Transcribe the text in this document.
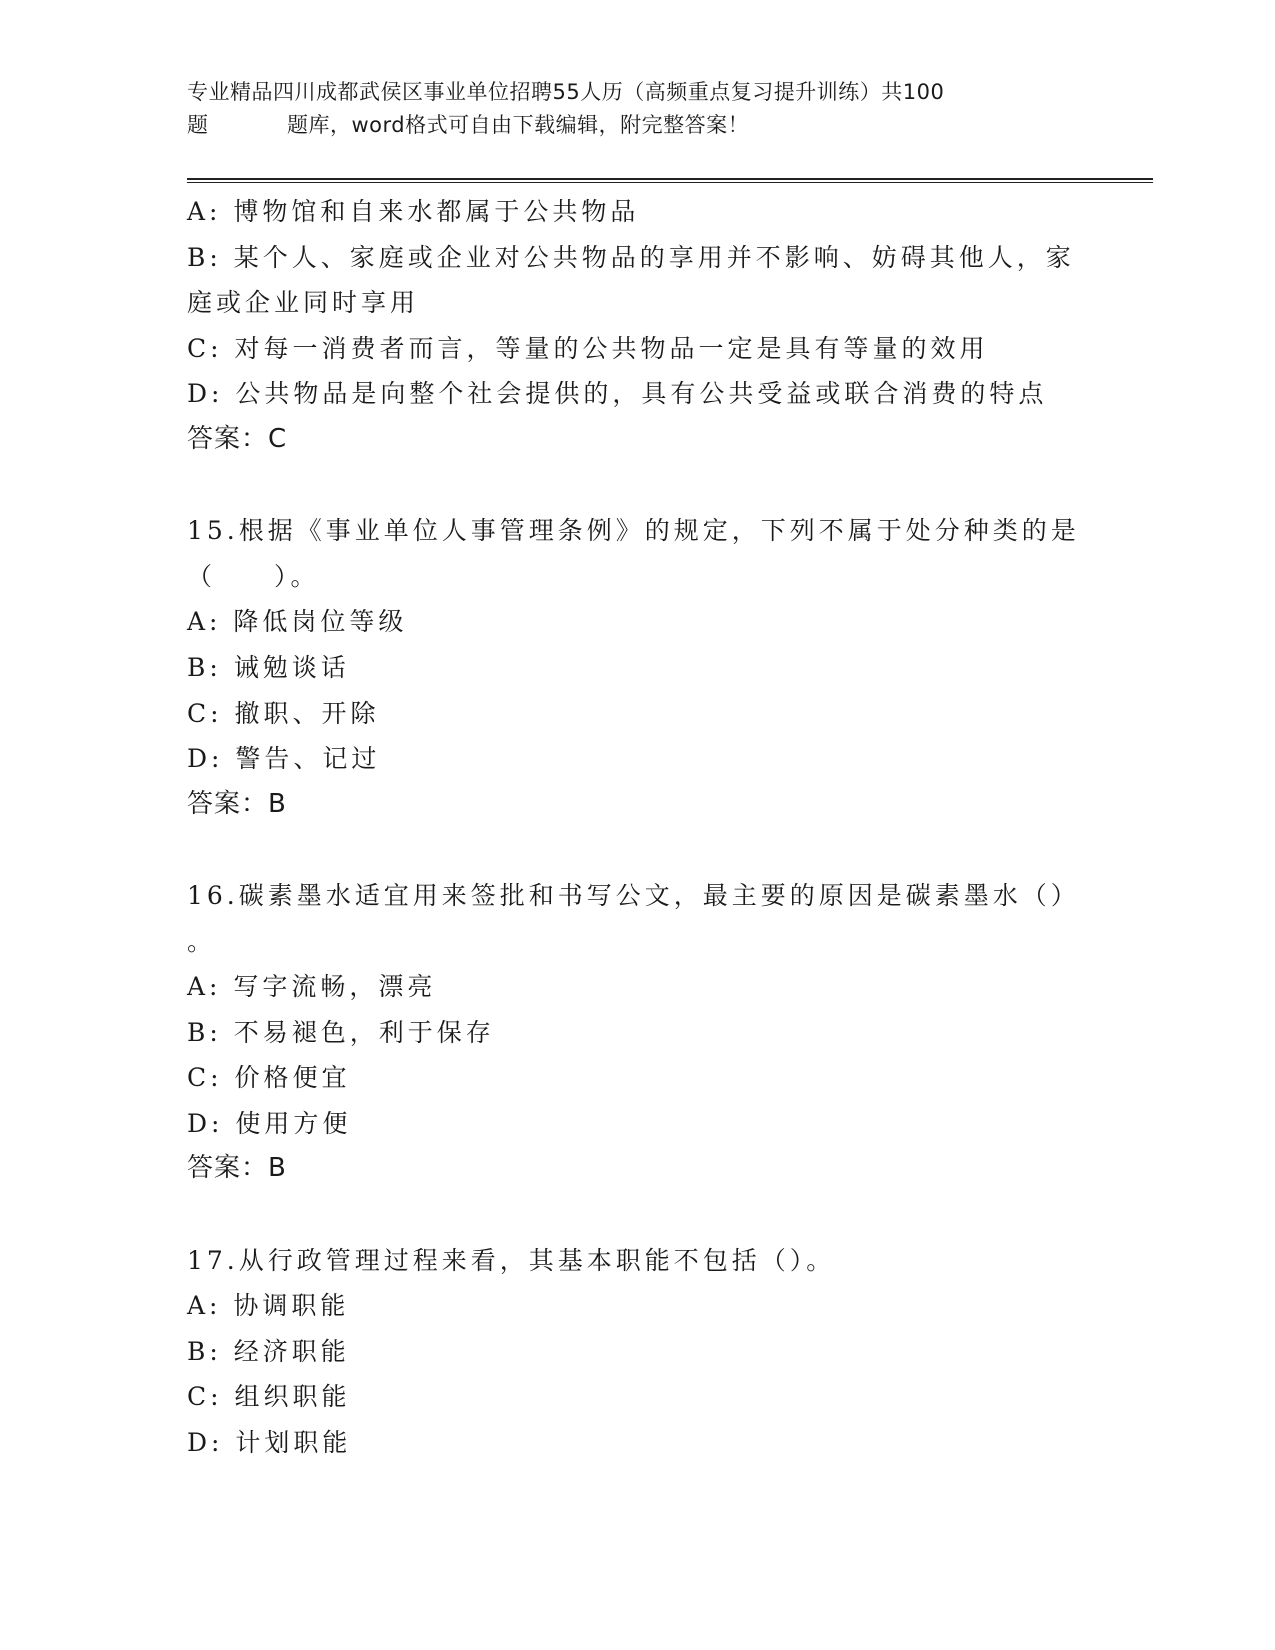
专业精品四川成都武侯区事业单位招聘55人历（高频重点复习提升训练）共100
题	题库，word格式可自由下载编辑，附完整答案！
A: 博物馆和自来水都属于公共物品
B: 某个人、家庭或企业对公共物品的享用并不影响、妨碍其他人，家
庭或企业同时享用
C: 对每一消费者而言，等量的公共物品一定是具有等量的效用
D: 公共物品是向整个社会提供的，具有公共受益或联合消费的特点
答案：C
15.根据《事业单位人事管理条例》的规定，下列不属于处分种类的是
（　　）。
A: 降低岗位等级
B: 诫勉谈话
C: 撤职、开除
D: 警告、记过
答案：B
16.碳素墨水适宜用来签批和书写公文，最主要的原因是碳素墨水（）
。
A: 写字流畅，漂亮
B: 不易褪色，利于保存
C: 价格便宜
D: 使用方便
答案：B
17.从行政管理过程来看，其基本职能不包括（）。
A: 协调职能
B: 经济职能
C: 组织职能
D: 计划职能
